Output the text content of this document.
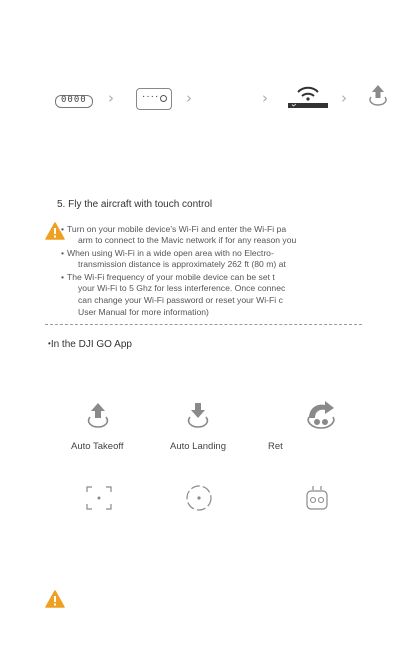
0000 ›	···· ›	›	›
5. Fly the aircraft with touch control
• Turn on your mobile device's Wi-Fi and enter the Wi-Fi pa
arm to connect to the Mavic network if for any reason you
• When using Wi-Fi in a wide open area with no Electro-
transmission distance is approximately 262 ft (80 m) at
• The Wi-Fi frequency of your mobile device can be set t
your Wi-Fi to 5 Ghz for less interference. Once connec
can change your Wi-Fi password or reset your Wi-Fi c
User Manual for more information)
•In the DJI GO App
Auto Takeoff	Auto Landing	Ret
